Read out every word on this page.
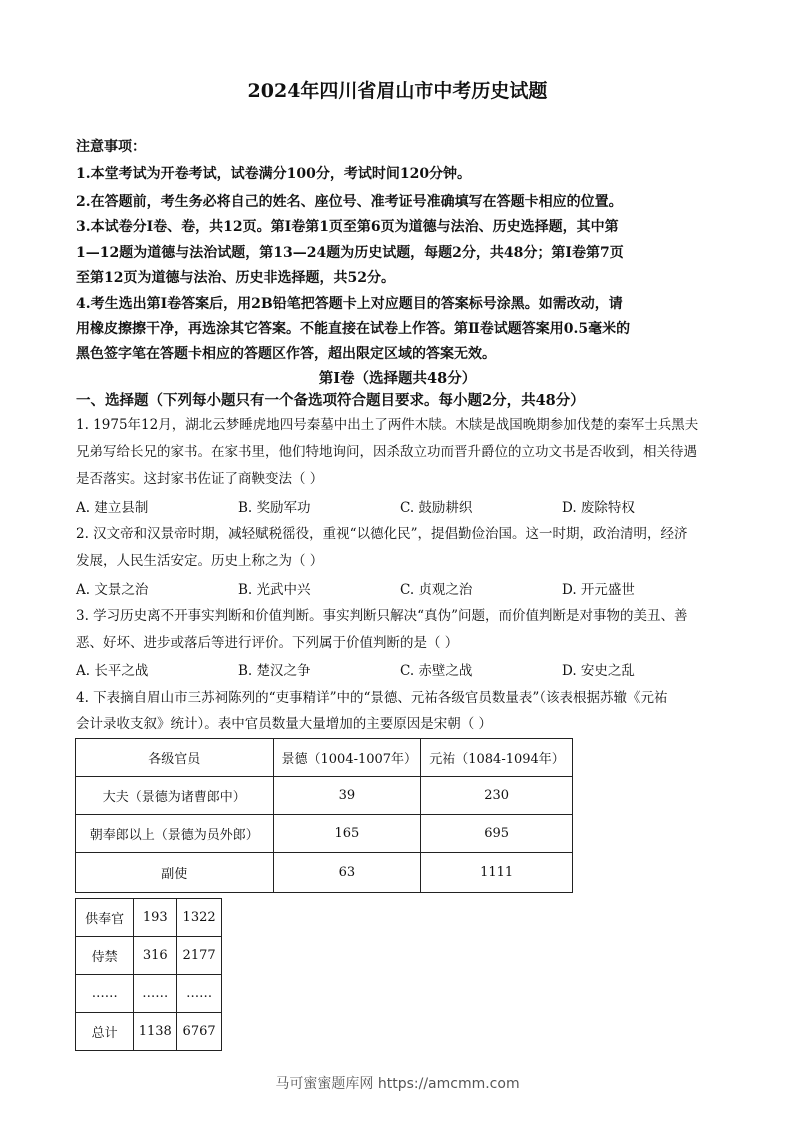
2024年四川省眉山市中考历史试题
注意事项：
1.本堂考试为开卷考试，试卷满分100分，考试时间120分钟。
2.在答题前，考生务必将自己的姓名、座位号、准考证号准确填写在答题卡相应的位置。
3.本试卷分I卷、卷，共12页。第I卷第1页至第6页为道德与法治、历史选择题，其中第
1—12题为道德与法治试题，第13—24题为历史试题，每题2分，共48分；第I卷第7页
至第12页为道德与法治、历史非选择题，共52分。
4.考生选出第I卷答案后，用2B铅笔把答题卡上对应题目的答案标号涂黑。如需改动，请
用橡皮擦擦干净，再选涂其它答案。不能直接在试卷上作答。第Ⅱ卷试题答案用0.5毫米的
黑色签字笔在答题卡相应的答题区作答，超出限定区域的答案无效。
第I卷（选择题共48分）
一、选择题（下列每小题只有一个备选项符合题目要求。每小题2分，共48分）
1. 1975年12月，湖北云梦睡虎地四号秦墓中出土了两件木牍。木牍是战国晚期参加伐楚的秦军士兵黑夫
兄弟写给长兄的家书。在家书里，他们特地询问，因杀敌立功而晋升爵位的立功文书是否收到，相关待遇
是否落实。这封家书佐证了商鞅变法（ ）
A. 建立县制	B. 奖励军功	C. 鼓励耕织	D. 废除特权
2. 汉文帝和汉景帝时期，减轻赋税徭役，重视“以德化民”，提倡勤俭治国。这一时期，政治清明，经济
发展，人民生活安定。历史上称之为（ ）
A. 文景之治	B. 光武中兴	C. 贞观之治	D. 开元盛世
3. 学习历史离不开事实判断和价值判断。事实判断只解决“真伪”问题，而价值判断是对事物的美丑、善
恶、好坏、进步或落后等进行评价。下列属于价值判断的是（ ）
A. 长平之战	B. 楚汉之争	C. 赤壁之战	D. 安史之乱
4. 下表摘自眉山市三苏祠陈列的“吏事精详”中的“景德、元祐各级官员数量表”（该表根据苏辙《元祐
会计录收支叙》统计）。表中官员数量大量增加的主要原因是宋朝（ ）
各级官员	景德（1004-1007年）	元祐（1084-1094年）
大夫（景德为诸曹郎中）	39	230
朝奉郎以上（景德为员外郎）	165	695
副使	63	1111
供奉官	193	1322
侍禁	316	2177
……	……	……
总计	1138	6767
马可蜜蜜题库网 https://amcmm.com
